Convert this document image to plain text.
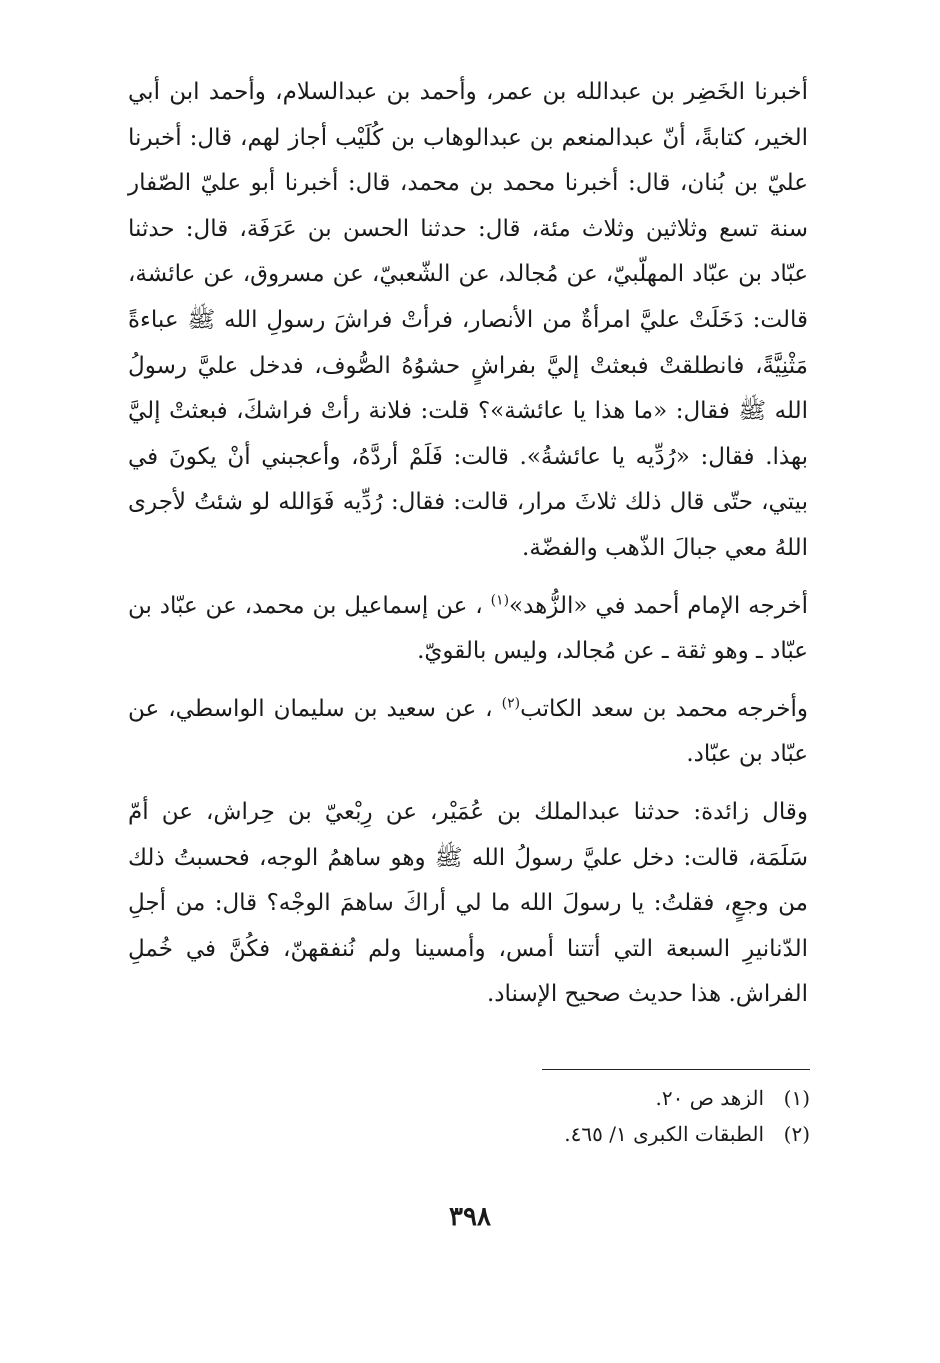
أخبرنا الخَضِر بن عبدالله بن عمر، وأحمد بن عبدالسلام، وأحمد ابن أبي الخير، كتابةً، أنّ عبدالمنعم بن عبدالوهاب بن كُلَيْب أجاز لهم، قال: أخبرنا عليّ بن بُنان، قال: أخبرنا محمد بن محمد، قال: أخبرنا أبو عليّ الصّفار سنة تسع وثلاثين وثلاث مئة، قال: حدثنا الحسن بن عَرَفَة، قال: حدثنا عبّاد بن عبّاد المهلّبيّ، عن مُجالد، عن الشّعبيّ، عن مسروق، عن عائشة، قالت: دَخَلَتْ عليَّ امرأةٌ من الأنصار، فرأتْ فراشَ رسولِ الله ﷺ عباءةً مَثْنِيَّةً، فانطلقتْ فبعثتْ إليَّ بفراشٍ حشوُهُ الصُّوف، فدخل عليَّ رسولُ الله ﷺ فقال: «ما هذا يا عائشة»؟ قلت: فلانة رأتْ فراشكَ، فبعثتْ إليَّ بهذا. فقال: «رُدِّيه يا عائشةُ». قالت: فَلَمْ أردَّهُ، وأعجبني أنْ يكونَ في بيتي، حتّى قال ذلك ثلاثَ مرار، قالت: فقال: رُدِّيه فَوَالله لو شئتُ لأجرى اللهُ معي جبالَ الذّهب والفضّة.

أخرجه الإمام أحمد في «الزُّهد»$^{(١)}$ ، عن إسماعيل بن محمد، عن عبّاد بن عبّاد ـ وهو ثقة ـ عن مُجالد، وليس بالقويّ.

وأخرجه محمد بن سعد الكاتب$^{(٢)}$ ، عن سعيد بن سليمان الواسطي، عن عبّاد بن عبّاد.

وقال زائدة: حدثنا عبدالملك بن عُمَيْر، عن رِبْعيّ بن حِراش، عن أمّ سَلَمَة، قالت: دخل عليَّ رسولُ الله ﷺ وهو ساهمُ الوجه، فحسبتُ ذلك من وجعٍ، فقلتُ: يا رسولَ الله ما لي أراكَ ساهمَ الوجْه؟ قال: من أجلِ الدّنانيرِ السبعة التي أتتنا أمس، وأمسينا ولم نُنفقهنّ، فكُنَّ في خُملِ الفراش. هذا حديث صحيح الإسناد.

(١)الزهد ص ٢٠.

(٢)الطبقات الكبرى ١/ ٤٦٥.

٣٩٨
